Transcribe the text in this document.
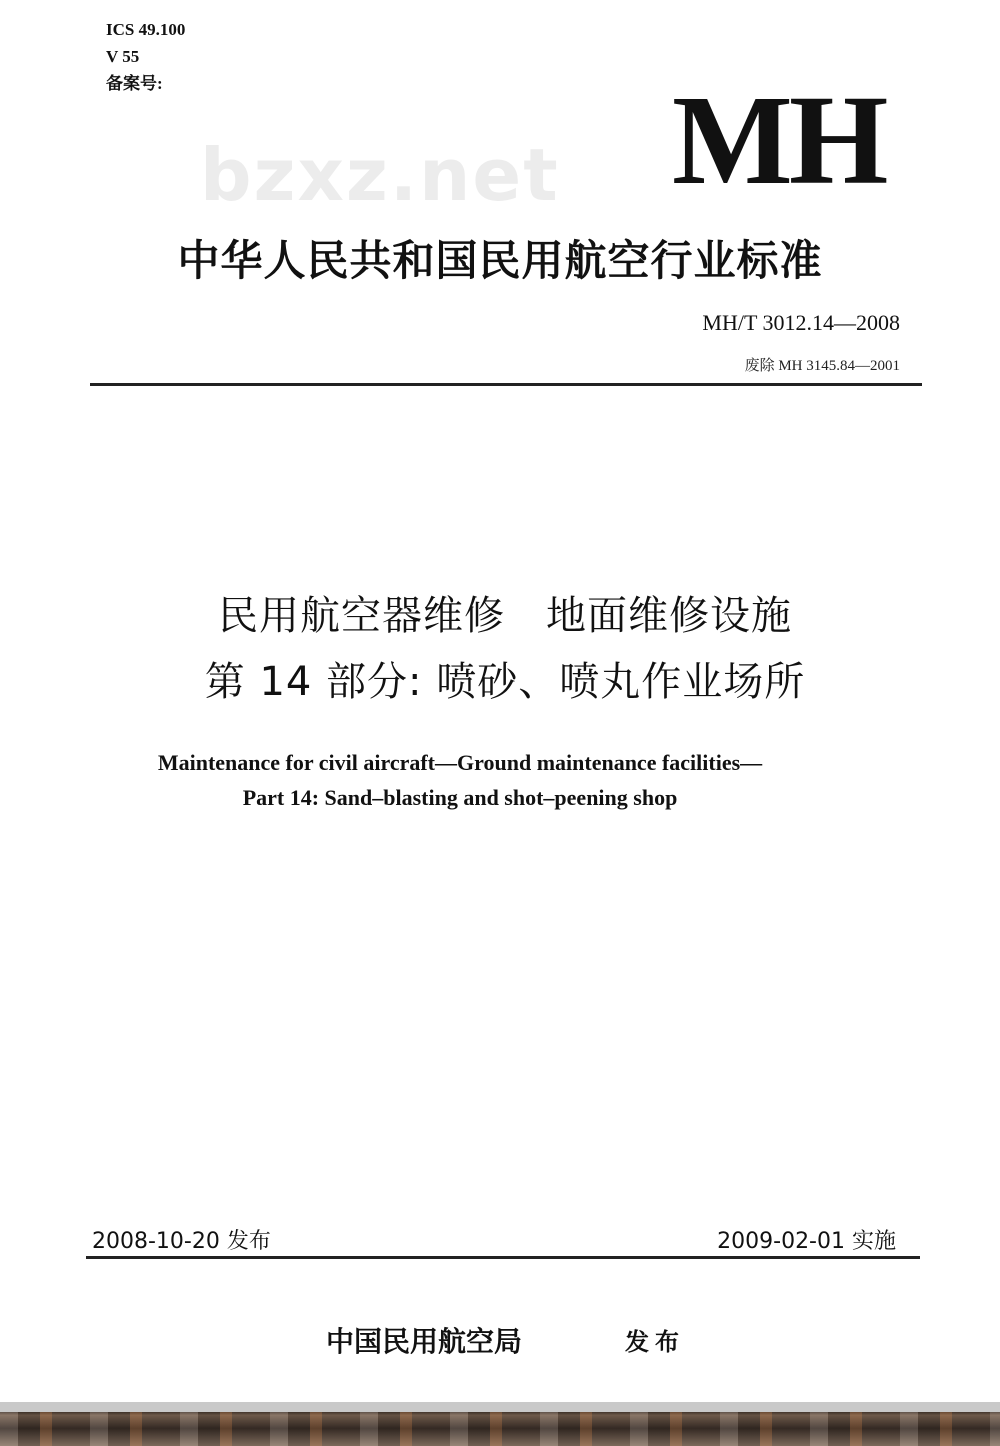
ICS 49.100
V 55
备案号:
bzxz.net MH
中华人民共和国民用航空行业标准
MH/T 3012.14—2008
废除 MH 3145.84—2001
民用航空器维修　地面维修设施
第 14 部分: 喷砂、喷丸作业场所
Maintenance for civil aircraft—Ground maintenance facilities—
Part 14: Sand–blasting and shot–peening shop
2008-10-20 发布	2009-02-01 实施
中国民用航空局	发布
